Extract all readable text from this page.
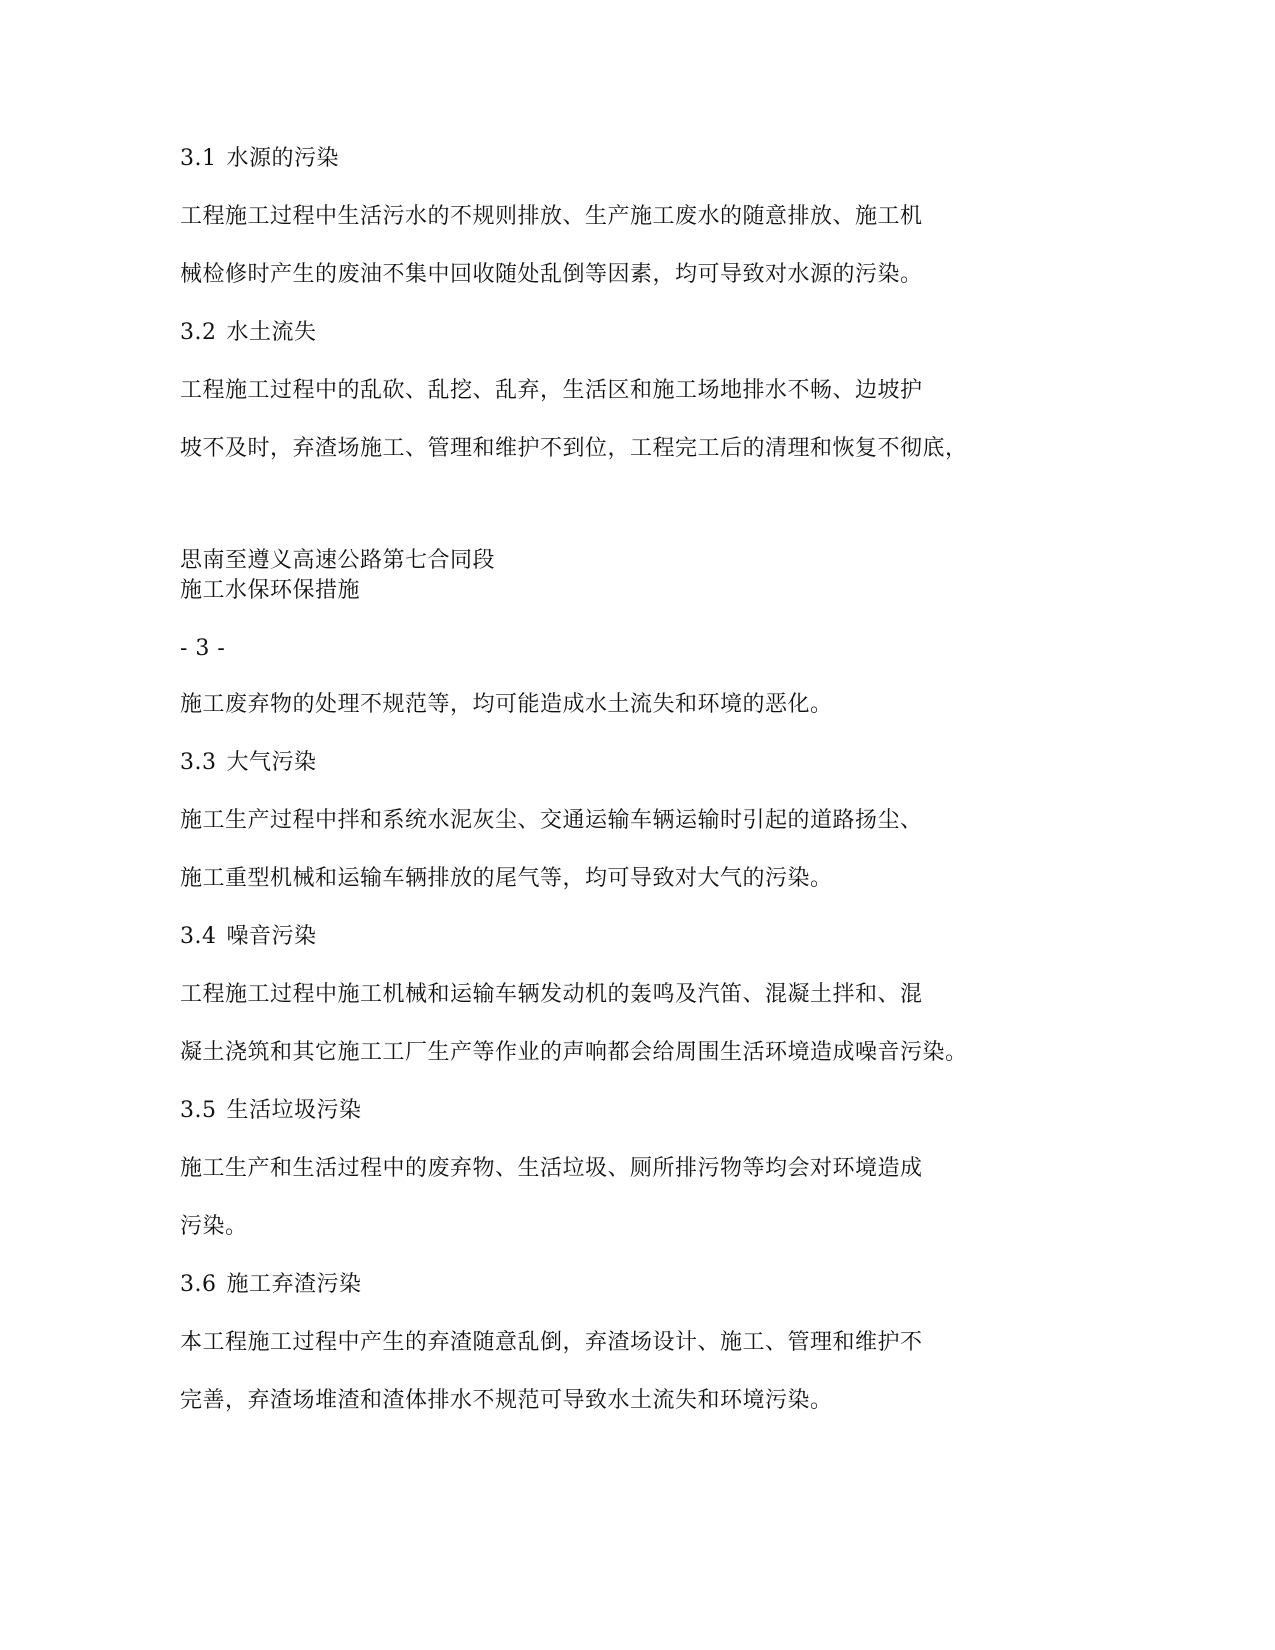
3.1 水源的污染
工程施工过程中生活污水的不规则排放、生产施工废水的随意排放、施工机
械检修时产生的废油不集中回收随处乱倒等因素，均可导致对水源的污染。
3.2 水土流失
工程施工过程中的乱砍、乱挖、乱弃，生活区和施工场地排水不畅、边坡护
坡不及时，弃渣场施工、管理和维护不到位，工程完工后的清理和恢复不彻底，
思南至遵义高速公路第七合同段
施工水保环保措施
- 3 -
施工废弃物的处理不规范等，均可能造成水土流失和环境的恶化。
3.3 大气污染
施工生产过程中拌和系统水泥灰尘、交通运输车辆运输时引起的道路扬尘、
施工重型机械和运输车辆排放的尾气等，均可导致对大气的污染。
3.4 噪音污染
工程施工过程中施工机械和运输车辆发动机的轰鸣及汽笛、混凝土拌和、混
凝土浇筑和其它施工工厂生产等作业的声响都会给周围生活环境造成噪音污染。
3.5 生活垃圾污染
施工生产和生活过程中的废弃物、生活垃圾、厕所排污物等均会对环境造成
污染。
3.6 施工弃渣污染
本工程施工过程中产生的弃渣随意乱倒，弃渣场设计、施工、管理和维护不
完善，弃渣场堆渣和渣体排水不规范可导致水土流失和环境污染。
